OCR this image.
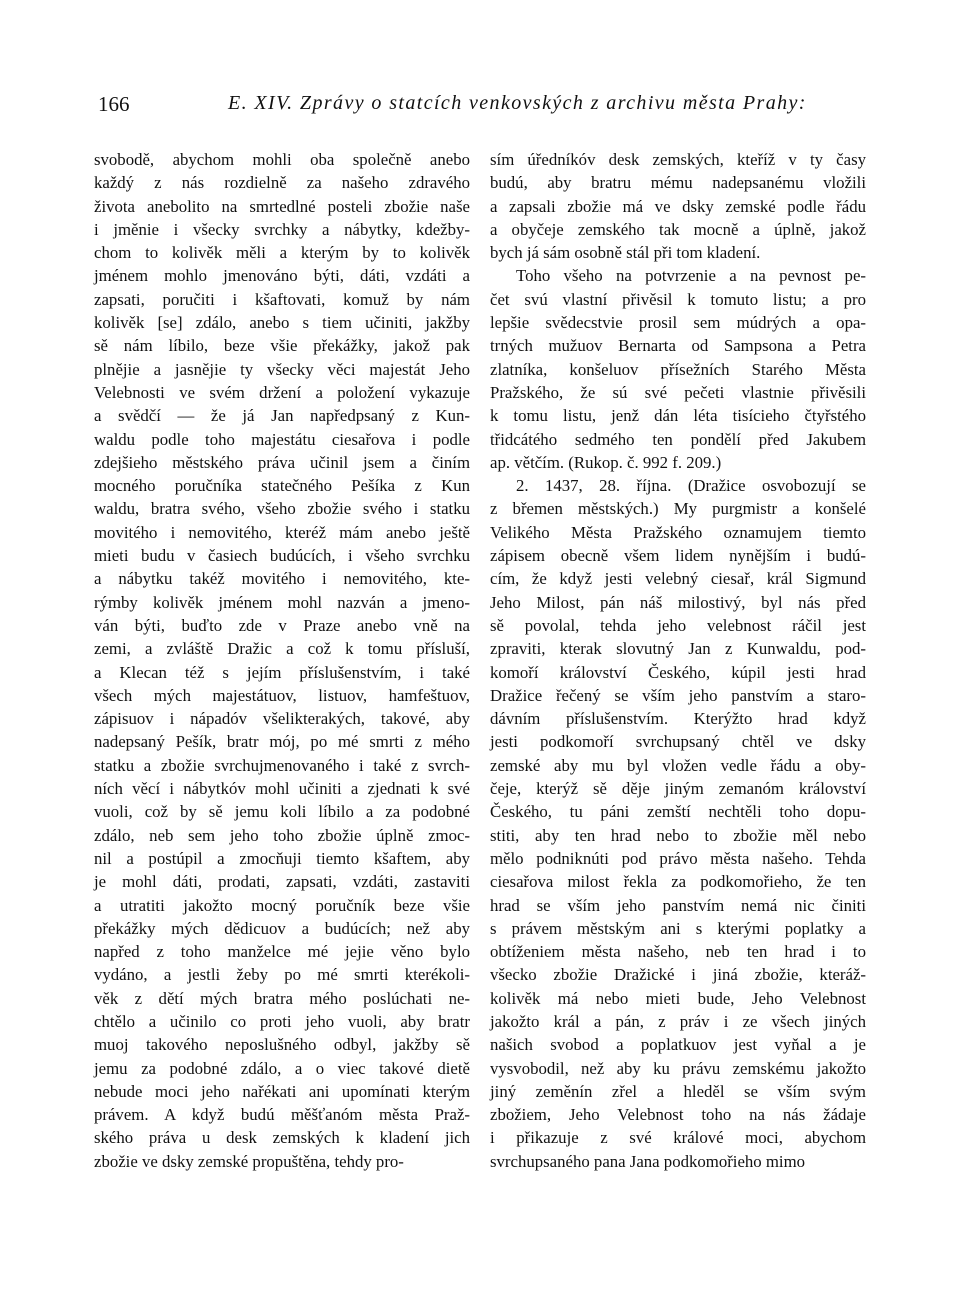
166	E. XIV. Zprávy o statcích venkovských z archivu města Prahy:
svobodě, abychom mohli oba společně anebo
každý z nás rozdielně za našeho zdravého
života anebolito na smrtedlné posteli zbožie naše
i jměnie i všecky svrchky a nábytky, kdežby-
chom to kolivěk měli a kterým by to kolivěk
jménem mohlo jmenováno býti, dáti, vzdáti a
zapsati, poručiti i kšaftovati, komuž by nám
kolivěk [se] zdálo, anebo s tiem učiniti, jakžby
sě nám líbilo, beze všie překážky, jakož pak
plnějie a jasnějie ty všecky věci majestát Jeho
Velebnosti ve svém držení a položení vykazuje
a svědčí — že já Jan napředpsaný z Kun-
waldu podle toho majestátu ciesařova i podle
zdejšieho městského práva učinil jsem a činím
mocného poručníka statečného Pešíka z Kun
waldu, bratra svého, všeho zbožie svého i statku
movitého i nemovitého, kteréž mám anebo ještě
mieti budu v časiech budúcích, i všeho svrchku
a nábytku takéž movitého i nemovitého, kte-
rýmby kolivěk jménem mohl nazván a jmeno-
ván býti, buďto zde v Praze anebo vně na
zemi, a zvláště Dražic a což k tomu přísluší,
a Klecan též s jejím příslušenstvím, i také
všech mých majestátuov, listuov, hamfeštuov,
zápisuov i nápadóv všelikterakých, takové, aby
nadepsaný Pešík, bratr mój, po mé smrti z mého
statku a zbožie svrchujmenovaného i také z svrch-
ních věcí i nábytkóv mohl učiniti a zjednati k své
vuoli, což by sě jemu koli líbilo a za podobné
zdálo, neb sem jeho toho zbožie úplně zmoc-
nil a postúpil a zmocňuji tiemto kšaftem, aby
je mohl dáti, prodati, zapsati, vzdáti, zastaviti
a utratiti jakožto mocný poručník beze všie
překážky mých dědicuov a budúcích; než aby
napřed z toho manželce mé jejie věno bylo
vydáno, a jestli žeby po mé smrti kterékoli-
věk z dětí mých bratra mého poslúchati ne-
chtělo a učinilo co proti jeho vuoli, aby bratr
muoj takového neposlušného odbyl, jakžby sě
jemu za podobné zdálo, a o viec takové dietě
nebude moci jeho nařékati ani upomínati kterým
právem. A když budú měšťanóm města Praž-
ského práva u desk zemských k kladení jich
zbožie ve dsky zemské propuštěna, tehdy pro-
sím úředníkóv desk zemských, kteříž v ty časy
budú, aby bratru mému nadepsanému vložili
a zapsali zbožie má ve dsky zemské podle řádu
a obyčeje zemského tak mocně a úplně, jakož
bych já sám osobně stál při tom kladení.
Toho všeho na potvrzenie a na pevnost pe-
čet svú vlastní přivěsil k tomuto listu; a pro
lepšie svědecstvie prosil sem múdrých a opa-
trných mužuov Bernarta od Sampsona a Petra
zlatníka, konšeluov přísežních Starého Města
Pražského, že sú své pečeti vlastnie přivěsili
k tomu listu, jenž dán léta tisícieho čtyřstého
třidcátého sedmého ten pondělí před Jakubem
ap. větčím. (Rukop. č. 992 f. 209.)
2. 1437, 28. října. (Dražice osvobozují se
z břemen městských.) My purgmistr a konšelé
Velikého Města Pražského oznamujem tiemto
zápisem obecně všem lidem nynějším i budú-
cím, že když jesti velebný ciesař, král Sigmund
Jeho Milost, pán náš milostivý, byl nás před
sě povolal, tehda jeho velebnost ráčil jest
zpraviti, kterak slovutný Jan z Kunwaldu, pod-
komoří království Českého, kúpil jesti hrad
Dražice řečený se vším jeho panstvím a staro-
dávním příslušenstvím. Kterýžto hrad když
jesti podkomoří svrchupsaný chtěl ve dsky
zemské aby mu byl vložen vedle řádu a oby-
čeje, kterýž sě děje jiným zemanóm království
Českého, tu páni zemští nechtěli toho dopu-
stiti, aby ten hrad nebo to zbožie měl nebo
mělo podniknúti pod právo města našeho. Tehda
ciesařova milost řekla za podkomořieho, že ten
hrad se vším jeho panstvím nemá nic činiti
s právem městským ani s kterými poplatky a
obtíženiem města našeho, neb ten hrad i to
všecko zbožie Dražické i jiná zbožie, kteráž-
kolivěk má nebo mieti bude, Jeho Velebnost
jakožto král a pán, z práv i ze všech jiných
našich svobod a poplatkuov jest vyňal a je
vysvobodil, než aby ku právu zemskému jakožto
jiný zeměnín zřel a hleděl se vším svým
zbožiem, Jeho Velebnost toho na nás žádaje
i přikazuje z své králové moci, abychom
svrchupsaného pana Jana podkomořieho mimo
